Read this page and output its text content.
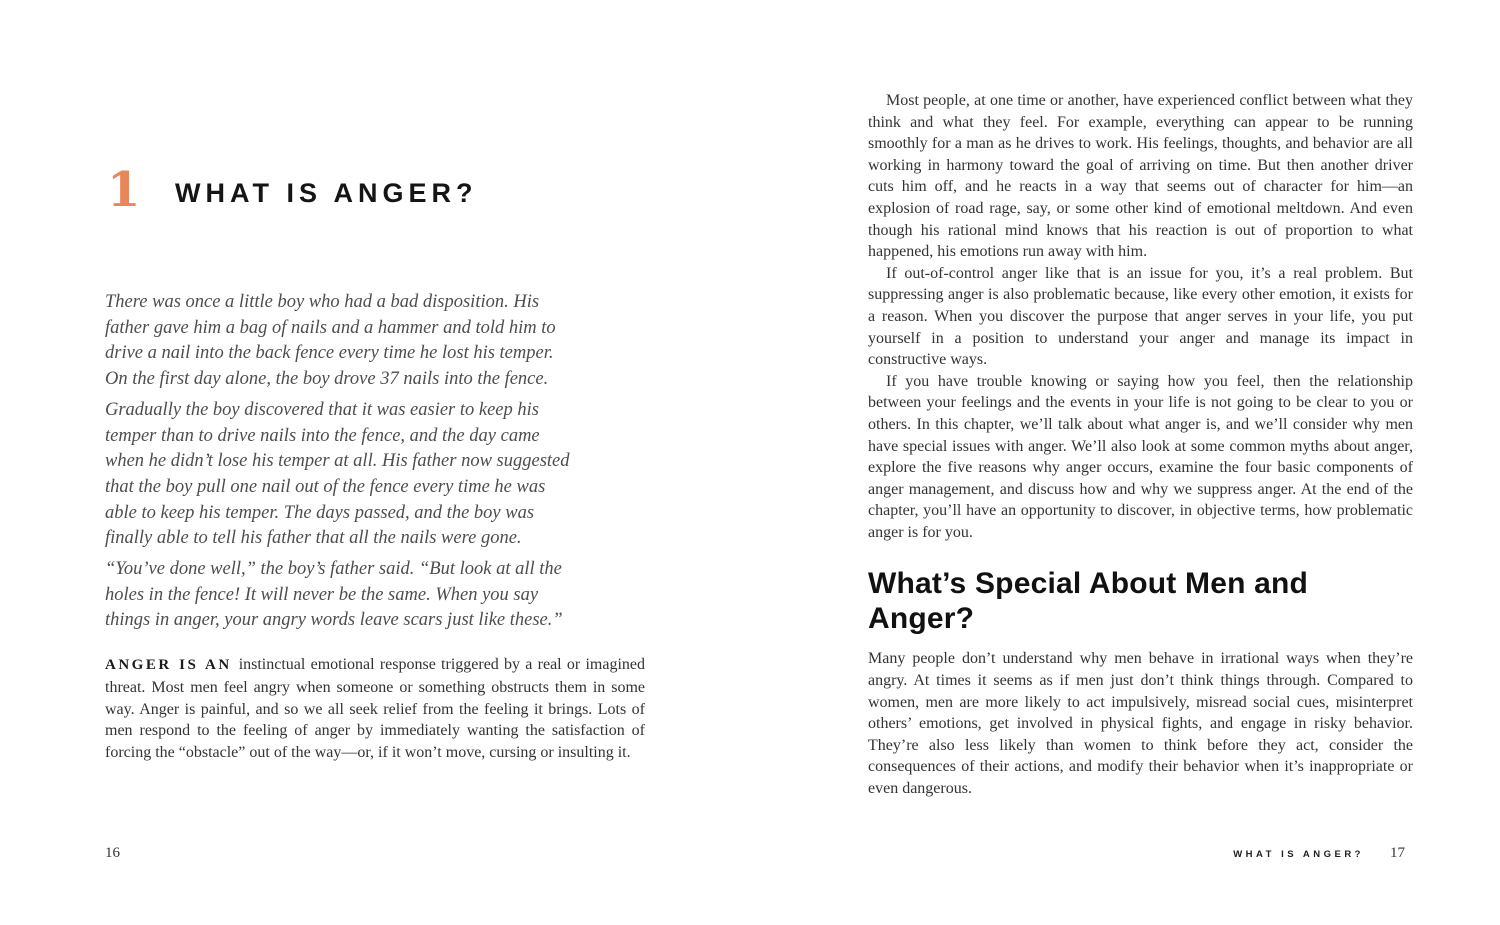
1 WHAT IS ANGER?

There was once a little boy who had a bad disposition. His father gave him a bag of nails and a hammer and told him to drive a nail into the back fence every time he lost his temper. On the first day alone, the boy drove 37 nails into the fence.

Gradually the boy discovered that it was easier to keep his temper than to drive nails into the fence, and the day came when he didn’t lose his temper at all. His father now suggested that the boy pull one nail out of the fence every time he was able to keep his temper. The days passed, and the boy was finally able to tell his father that all the nails were gone.

“You’ve done well,” the boy’s father said. “But look at all the holes in the fence! It will never be the same. When you say things in anger, your angry words leave scars just like these.”

ANGER IS AN instinctual emotional response triggered by a real or imagined threat. Most men feel angry when someone or something obstructs them in some way. Anger is painful, and so we all seek relief from the feeling it brings. Lots of men respond to the feeling of anger by immediately wanting the satisfaction of forcing the “obstacle” out of the way—or, if it won’t move, cursing or insulting it.

16

Most people, at one time or another, have experienced conflict between what they think and what they feel. For example, everything can appear to be running smoothly for a man as he drives to work. His feelings, thoughts, and behavior are all working in harmony toward the goal of arriving on time. But then another driver cuts him off, and he reacts in a way that seems out of character for him—an explosion of road rage, say, or some other kind of emotional meltdown. And even though his rational mind knows that his reaction is out of proportion to what happened, his emotions run away with him.

If out-of-control anger like that is an issue for you, it’s a real problem. But suppressing anger is also problematic because, like every other emotion, it exists for a reason. When you discover the purpose that anger serves in your life, you put yourself in a position to understand your anger and manage its impact in constructive ways.

If you have trouble knowing or saying how you feel, then the relationship between your feelings and the events in your life is not going to be clear to you or others. In this chapter, we’ll talk about what anger is, and we’ll consider why men have special issues with anger. We’ll also look at some common myths about anger, explore the five reasons why anger occurs, examine the four basic components of anger management, and discuss how and why we suppress anger. At the end of the chapter, you’ll have an opportunity to discover, in objective terms, how problematic anger is for you.

What’s Special About Men and Anger?

Many people don’t understand why men behave in irrational ways when they’re angry. At times it seems as if men just don’t think things through. Compared to women, men are more likely to act impulsively, misread social cues, misinterpret others’ emotions, get involved in physical fights, and engage in risky behavior. They’re also less likely than women to think before they act, consider the consequences of their actions, and modify their behavior when it’s inappropriate or even dangerous.

WHAT IS ANGER? 17
